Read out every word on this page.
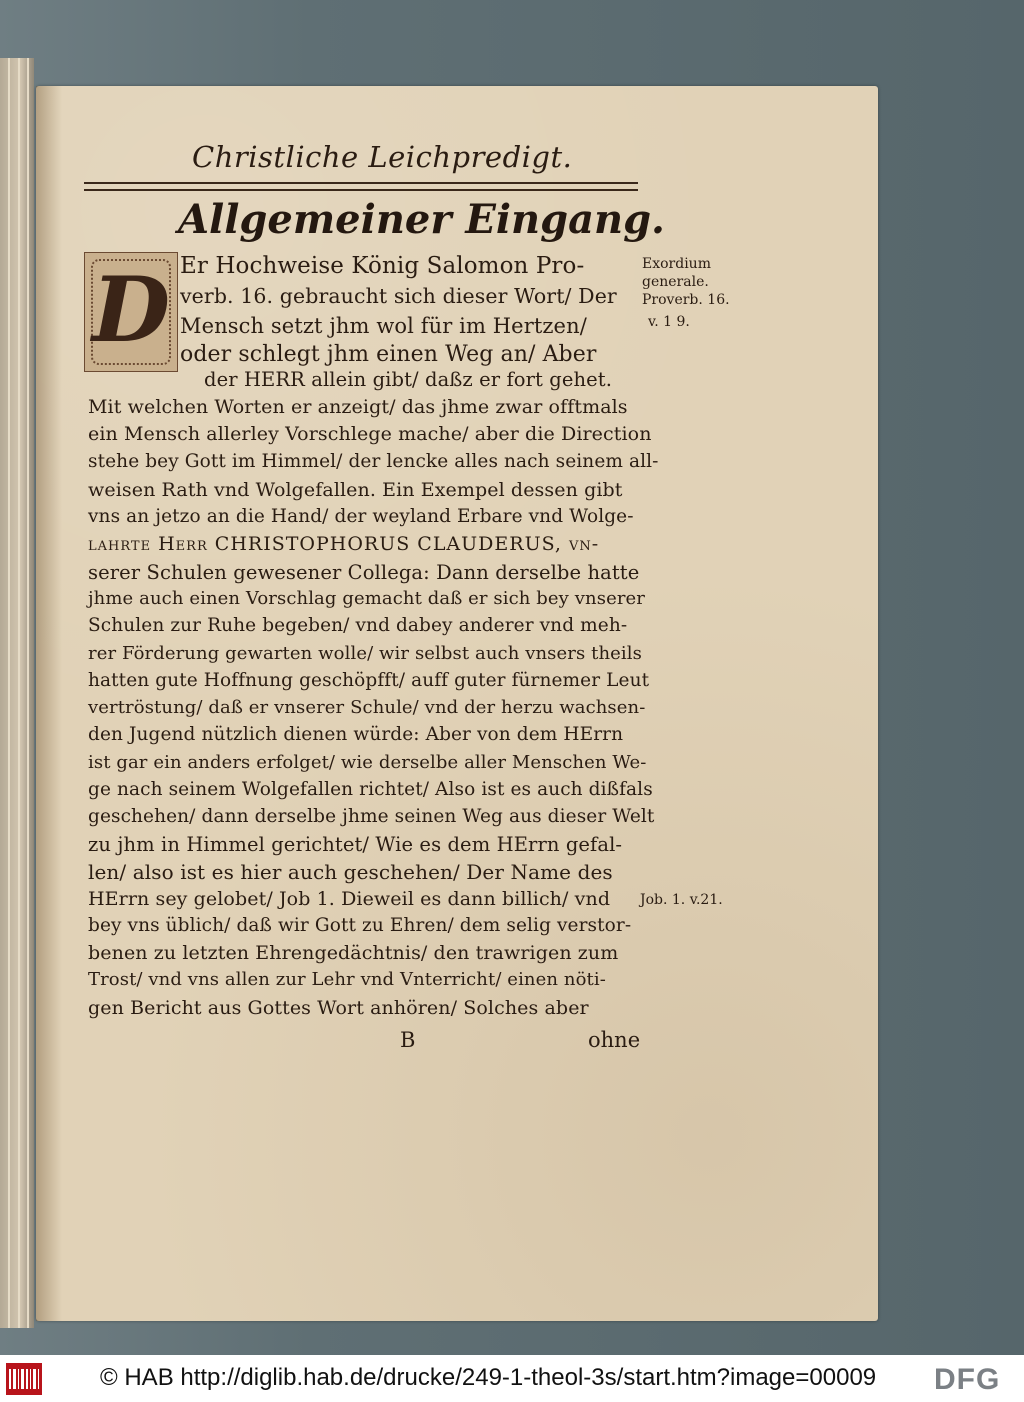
Christliche Leichpredigt.
Allgemeiner Eingang.
D Er Hochweise König Salomon Pro-
verb. 16. gebraucht sich dieser Wort/ Der
Mensch setzt jhm wol für im Hertzen/
oder schlegt jhm einen Weg an/ Aber
der HERR allein gibt/ daßz er fort gehet.
Mit welchen Worten er anzeigt/ das jhme zwar offtmals
ein Mensch allerley Vorschlege mache/ aber die Direction
stehe bey Gott im Himmel/ der lencke alles nach seinem all-
weisen Rath vnd Wolgefallen. Ein Exempel dessen gibt
vns an jetzo an die Hand/ der weyland Erbare vnd Wolge-
lahrte Herr CHRISTOPHORUS CLAUDERUS, vn-
serer Schulen gewesener Collega: Dann derselbe hatte
jhme auch einen Vorschlag gemacht daß er sich bey vnserer
Schulen zur Ruhe begeben/ vnd dabey anderer vnd meh-
rer Förderung gewarten wolle/ wir selbst auch vnsers theils
hatten gute Hoffnung geschöpfft/ auff guter fürnemer Leut
vertröstung/ daß er vnserer Schule/ vnd der herzu wachsen-
den Jugend nützlich dienen würde: Aber von dem HErrn
ist gar ein anders erfolget/ wie derselbe aller Menschen We-
ge nach seinem Wolgefallen richtet/ Also ist es auch dißfals
geschehen/ dann derselbe jhme seinen Weg aus dieser Welt
zu jhm in Himmel gerichtet/ Wie es dem HErrn gefal-
len/ also ist es hier auch geschehen/ Der Name des
HErrn sey gelobet/ Job 1. Dieweil es dann billich/ vnd
bey vns üblich/ daß wir Gott zu Ehren/ dem selig verstor-
benen zu letzten Ehrengedächtnis/ den trawrigen zum
Trost/ vnd vns allen zur Lehr vnd Vnterricht/ einen nöti-
gen Bericht aus Gottes Wort anhören/ Solches aber
B	ohne
Exordium
generale.
Proverb. 16.
v. 1 9.
Job. 1. v.21.
© HAB http://diglib.hab.de/drucke/249-1-theol-3s/start.htm?image=00009 DFG
